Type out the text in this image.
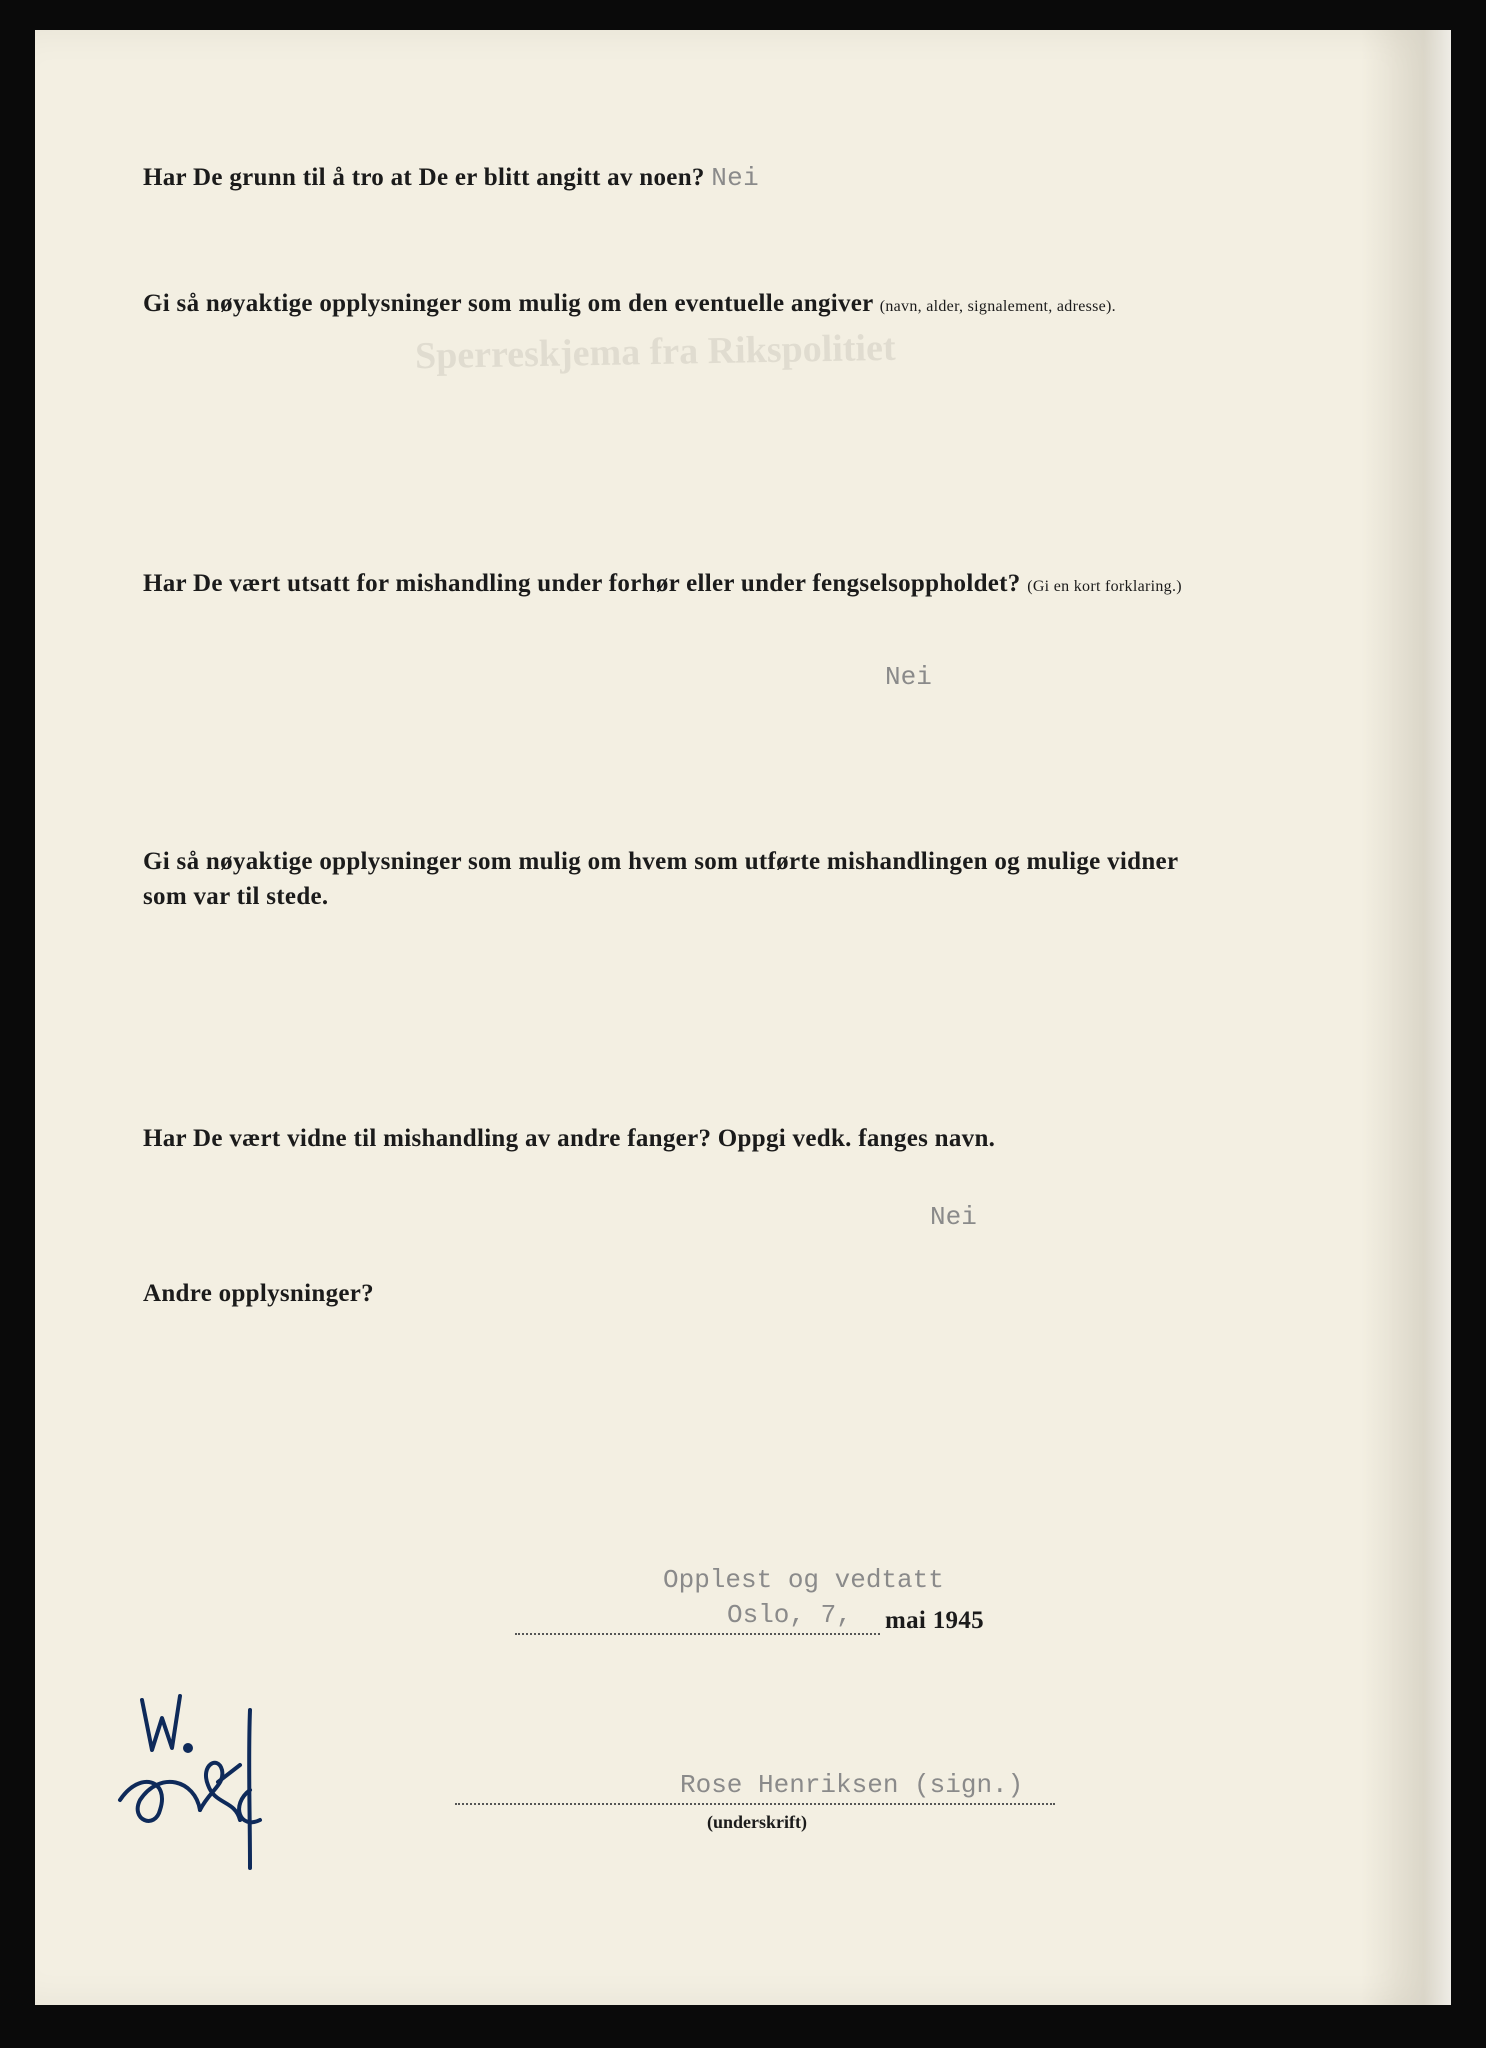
Sperreskjema fra Rikspolitiet
Har De grunn til å tro at De er blitt angitt av noen? Nei
Gi så nøyaktige opplysninger som mulig om den eventuelle angiver (navn, alder, signalement, adresse).
Har De vært utsatt for mishandling under forhør eller under fengselsoppholdet? (Gi en kort forklaring.)
Nei
Gi så nøyaktige opplysninger som mulig om hvem som utførte mishandlingen og mulige vidner
som var til stede.
Har De vært vidne til mishandling av andre fanger? Oppgi vedk. fanges navn.
Nei
Andre opplysninger?
Opplest og vedtatt
Oslo, 7, mai 1945
Rose Henriksen (sign.)
(underskrift)
